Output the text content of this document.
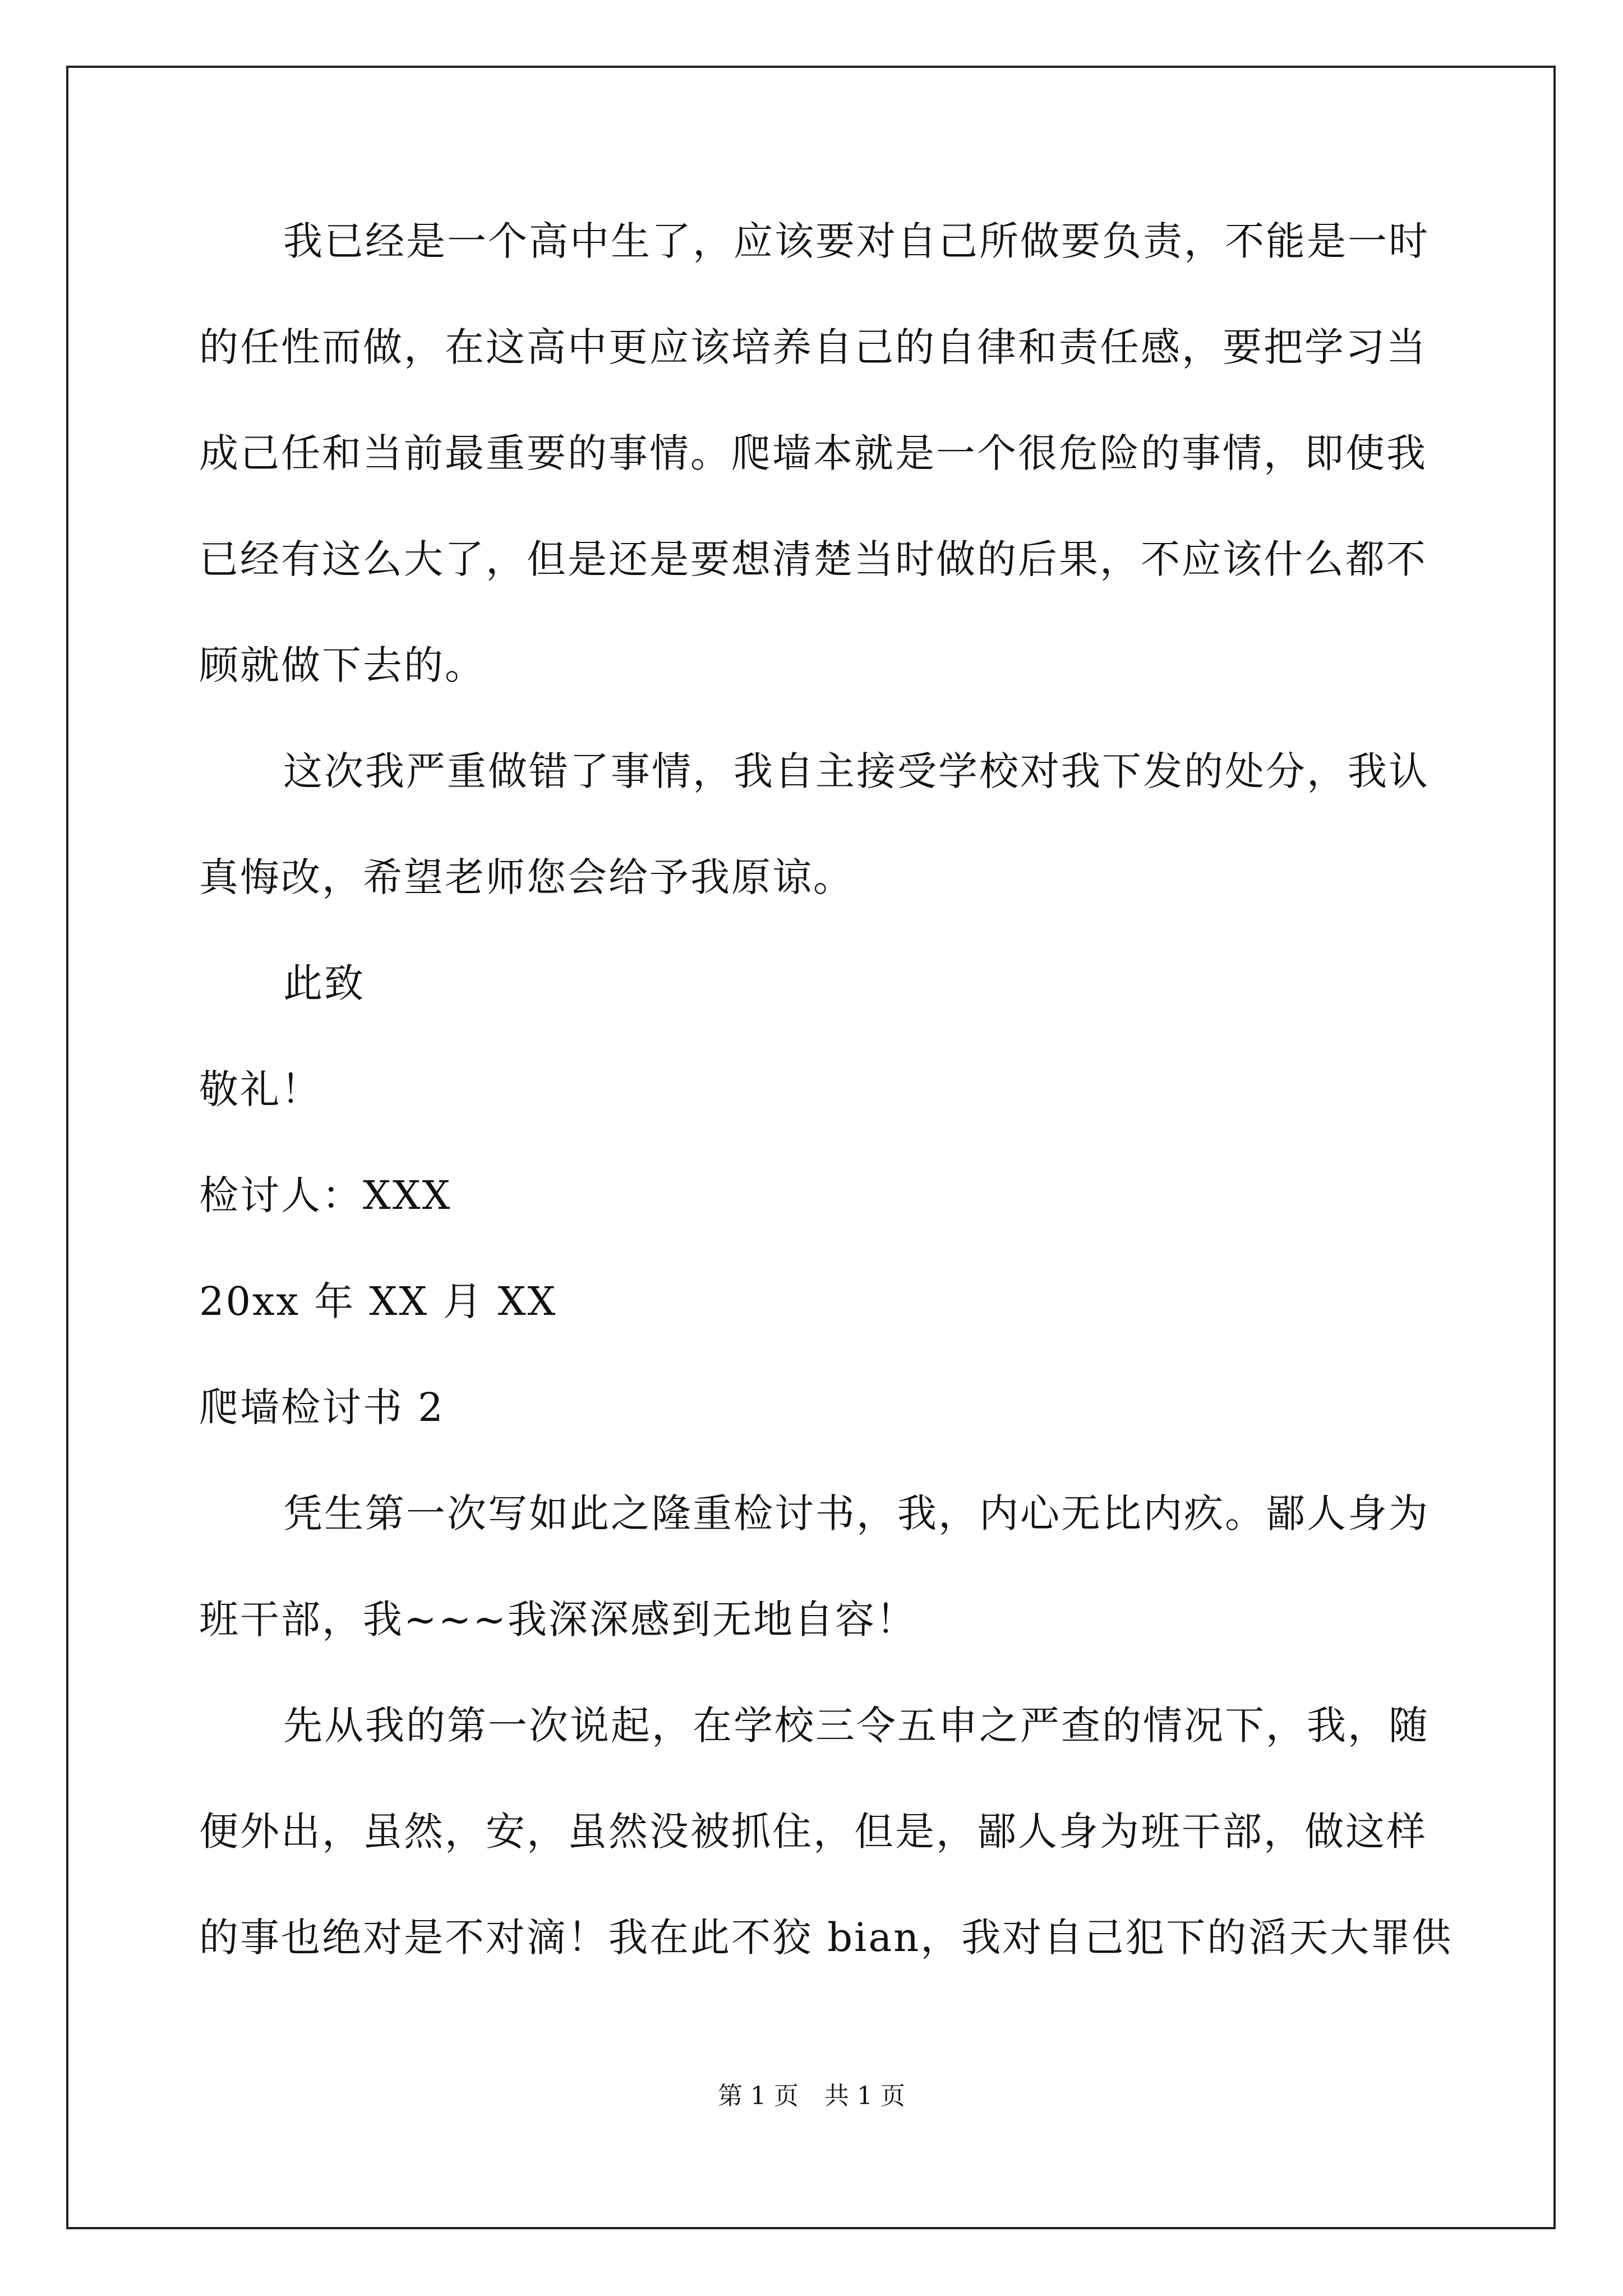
我已经是一个高中生了，应该要对自己所做要负责，不能是一时
的任性而做，在这高中更应该培养自己的自律和责任感，要把学习当
成己任和当前最重要的事情。爬墙本就是一个很危险的事情，即使我
已经有这么大了，但是还是要想清楚当时做的后果，不应该什么都不
顾就做下去的。
这次我严重做错了事情，我自主接受学校对我下发的处分，我认
真悔改，希望老师您会给予我原谅。
此致
敬礼！
检讨人：XXX
20xx 年 XX 月 XX
爬墙检讨书 2
凭生第一次写如此之隆重检讨书，我，内心无比内疚。鄙人身为
班干部，我~~~我深深感到无地自容！
先从我的第一次说起，在学校三令五申之严查的情况下，我，随
便外出，虽然，安，虽然没被抓住，但是，鄙人身为班干部，做这样
的事也绝对是不对滴！我在此不狡 bian，我对自己犯下的滔天大罪供
第 1 页 共 1 页
